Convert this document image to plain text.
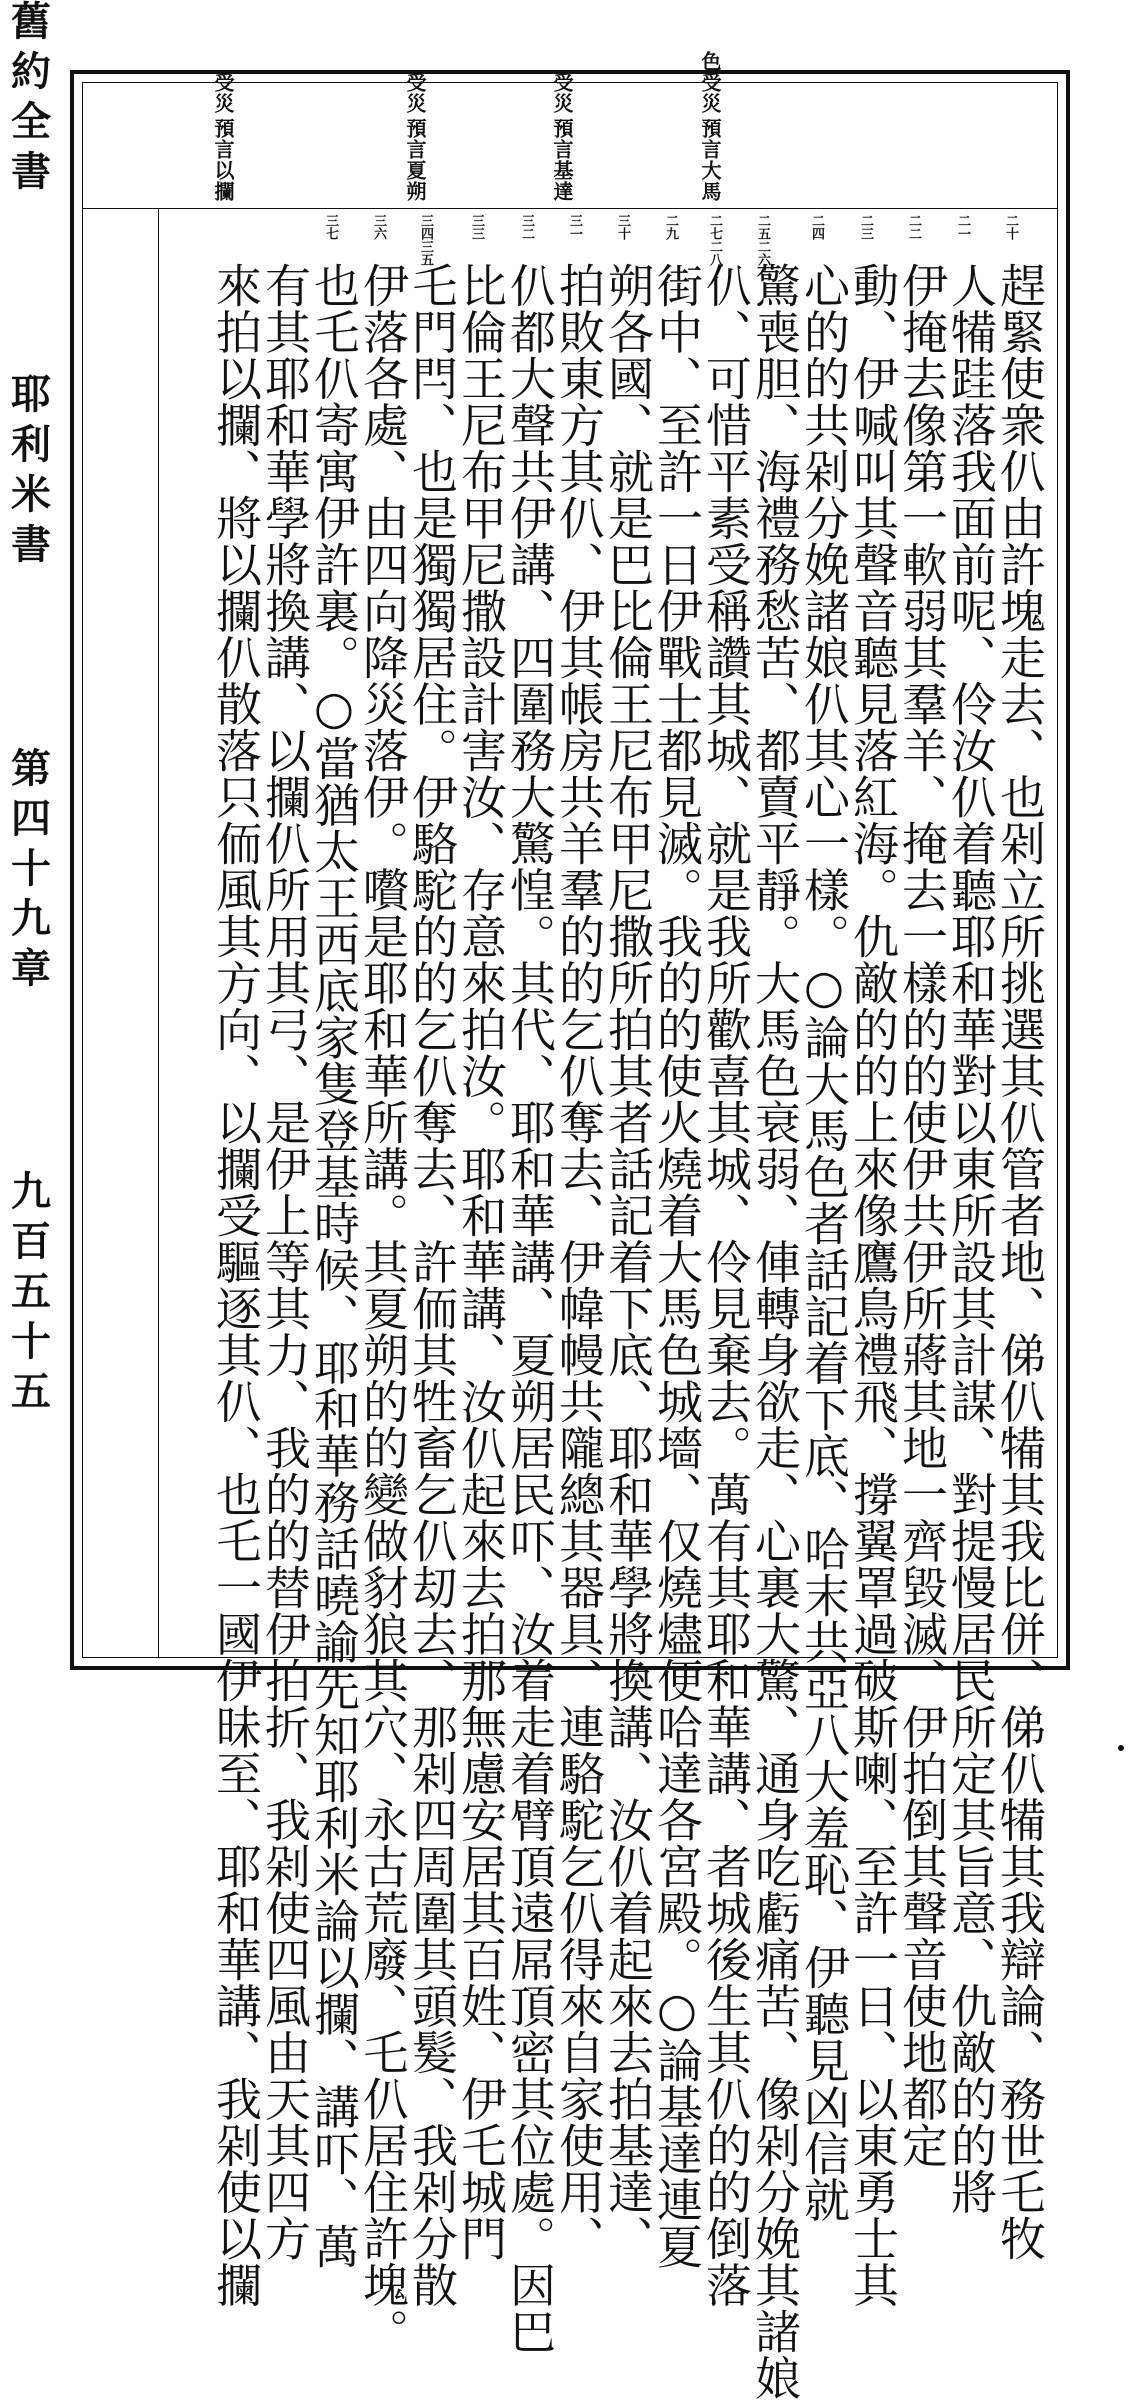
預言大馬
色受災
預言基達
受災
預言夏朔
受災
預言以攔
受災
二十
二一
二二
二三
二四
二五二六
二七二八
二九
三十
三一
三二
三三
三四三五
三六
三七
趕緊使衆仈由許塊走去、也剁立所挑選其仈管者地、俤仈犕其我比併、俤仈犕其我辯論、務世乇牧
人犕跬落我面前呢、伶汝仈着聽耶和華對以東所設其計謀、對提慢居民所定其旨意、仇敵的的將
伊掩去像第一軟弱其羣羊、掩去一樣的的使伊共伊所蔣其地一齊毀滅、伊拍倒其聲音使地都定
動、伊喊叫其聲音聽見落紅海。仇敵的的上來像鷹鳥禮飛、撐翼罩過破斯喇、至許一日、以東勇士其
心的的共剁分娩諸娘仈其心一樣。○論大馬色者話記着下底、哈末共亞八大羞恥、伊聽見凶信就
驚喪胆、海禮務愁苦、都賣平靜。大馬色衰弱、俥轉身欲走、心裏大驚、通身吃虧痛苦、像剁分娩其諸娘
仈、可惜平素受稱讚其城、就是我所歡喜其城、伶見棄去。萬有其耶和華講、者城後生其仈的的倒落
街中、至許一日伊戰士都見滅。我的的使火燒着大馬色城墻、仅燒燼便哈達各宮殿。○論基達連夏
朔各國、就是巴比倫王尼布甲尼撒所拍其者話記着下底、耶和華學將換講、汝仈着起來去拍基達、
拍敗東方其仈、伊其帳房共羊羣的的乞仈奪去、伊幃幔共隴總其器具、連駱駝乞仈得來自家使用、
仈都大聲共伊講、四圍務大驚惶。其代、耶和華講、夏朔居民吓、汝着走着臂頂遠屌頂密其位處。因巴
比倫王尼布甲尼撒設計害汝、存意來拍汝。耶和華講、汝仈起來去拍那無慮安居其百姓、伊乇城門
乇門閂、也是獨獨居住。伊駱駝的的乞仈奪去、許侕其牲畜乞仈刧去、那剁四周圍其頭髮、我剁分散
伊落各處、由四向降災落伊。嚽是耶和華所講。其夏朔的的變做豺狼其穴、永古荒廢、乇仈居住許塊。
也乇仈寄寓伊許裏。○當猶太王西底家隻登基時候、耶和華務話曉諭先知耶利米論以攔、講吓、萬
有其耶和華學將換講、以攔仈所用其弓、是伊上等其力、我的的替伊拍折、我剁使四風由天其四方
來拍以攔、將以攔仈散落只侕風其方向、以攔受驅逐其仈、也乇一國伊昧至、耶和華講、我剁使以攔
舊約全書
耶利米書
第四十九章
九百五十五
